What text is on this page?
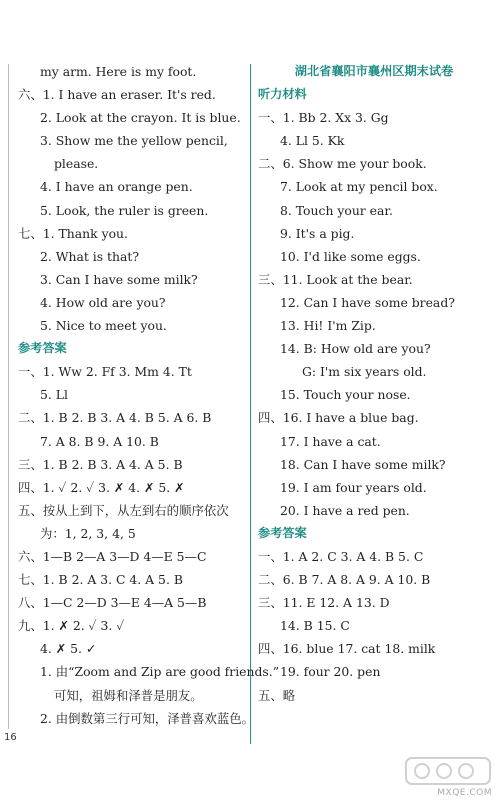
my arm. Here is my foot.
六、1. I have an eraser. It's red.
2. Look at the crayon. It is blue.
3. Show me the yellow pencil,
please.
4. I have an orange pen.
5. Look, the ruler is green.
七、1. Thank you.
2. What is that?
3. Can I have some milk?
4. How old are you?
5. Nice to meet you.
参考答案
一、1. Ww 2. Ff 3. Mm 4. Tt
5. Ll
二、1. B 2. B 3. A 4. B 5. A 6. B
7. A 8. B 9. A 10. B
三、1. B 2. B 3. A 4. A 5. B
四、1. ✓ 2. ✓ 3. ✗ 4. ✗ 5. ✗
五、按从上到下，从左到右的顺序依次
为：1, 2, 3, 4, 5
六、1—B 2—A 3—D 4—E 5—C
七、1. B 2. A 3. C 4. A 5. B
八、1—C 2—D 3—E 4—A 5—B
九、1. ✗ 2. ✓ 3. ✓
4. ✗ 5. ✓
1. 由“Zoom and Zip are good friends.”
可知，祖姆和泽普是朋友。
2. 由倒数第三行可知，泽普喜欢蓝色。
湖北省襄阳市襄州区期末试卷
听力材料
一、1. Bb 2. Xx 3. Gg
4. Ll 5. Kk
二、6. Show me your book.
7. Look at my pencil box.
8. Touch your ear.
9. It's a pig.
10. I'd like some eggs.
三、11. Look at the bear.
12. Can I have some bread?
13. Hi! I'm Zip.
14. B: How old are you?
G: I'm six years old.
15. Touch your nose.
四、16. I have a blue bag.
17. I have a cat.
18. Can I have some milk?
19. I am four years old.
20. I have a red pen.
参考答案
一、1. A 2. C 3. A 4. B 5. C
二、6. B 7. A 8. A 9. A 10. B
三、11. E 12. A 13. D
14. B 15. C
四、16. blue 17. cat 18. milk
19. four 20. pen
五、略
16
MXQE.COM
